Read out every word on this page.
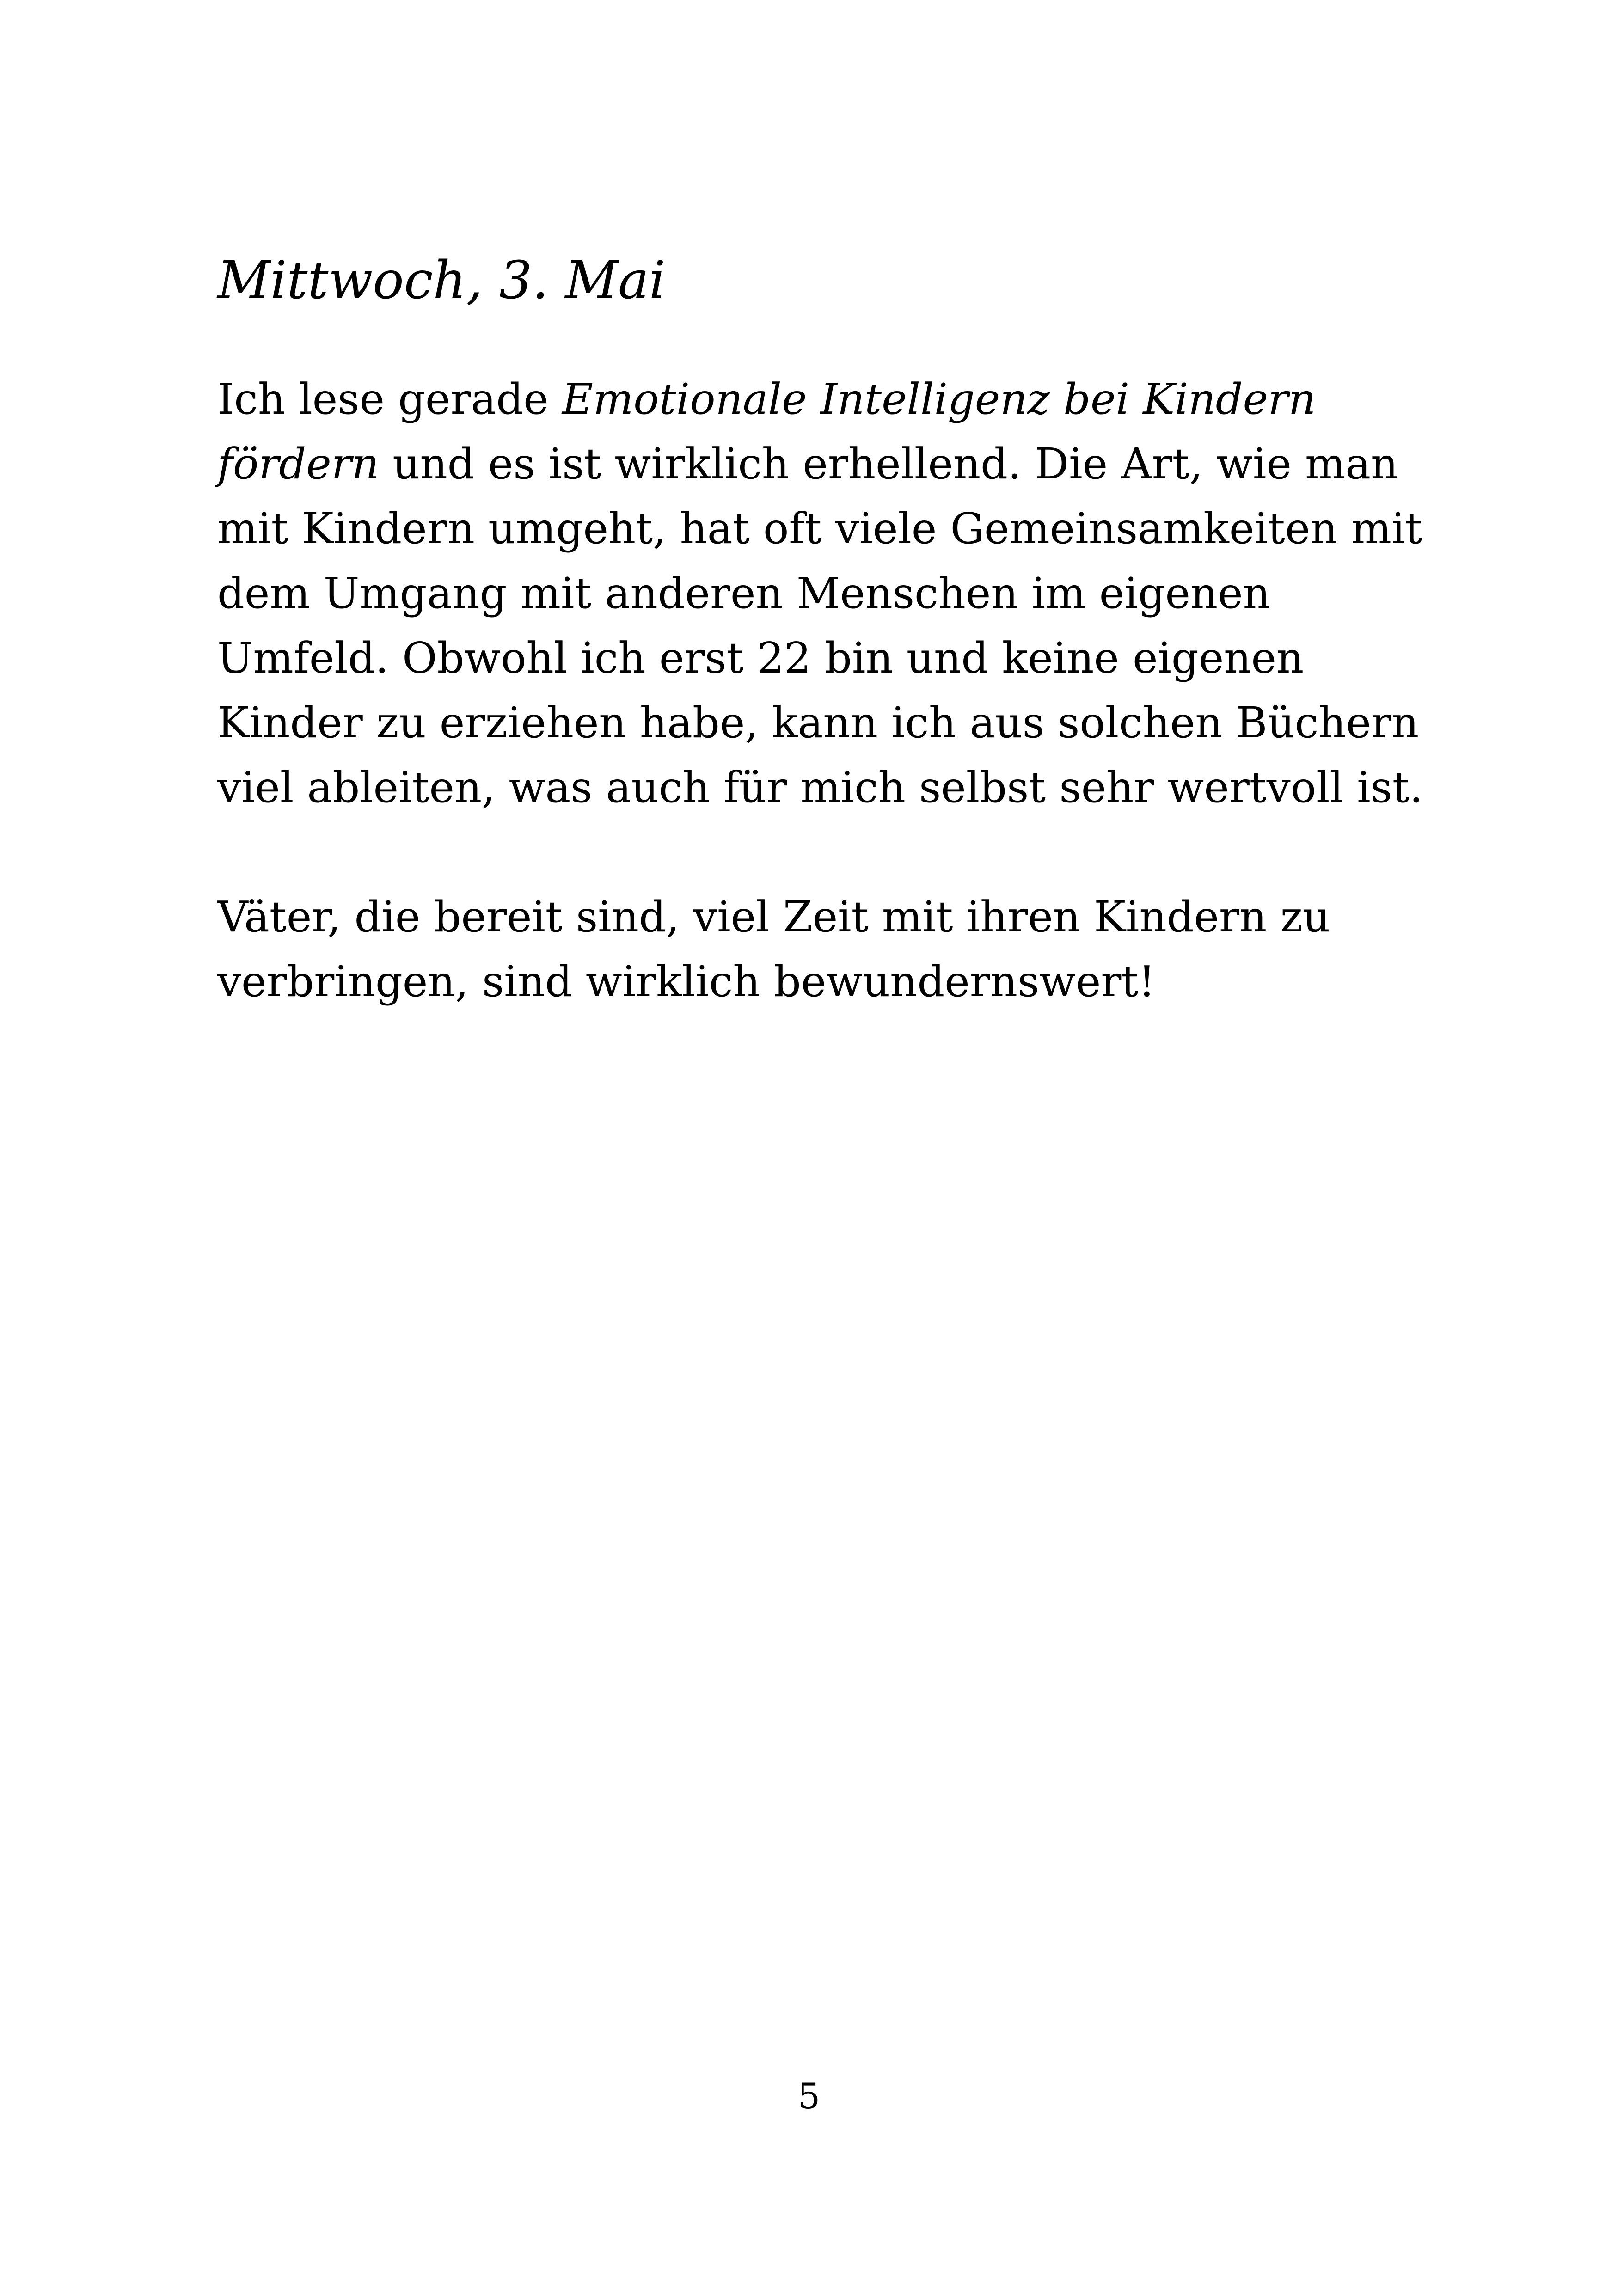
Mittwoch, 3. Mai

Ich lese gerade Emotionale Intelligenz bei Kindern fördern und es ist wirklich erhellend. Die Art, wie man mit Kindern umgeht, hat oft viele Gemeinsamkeiten mit dem Umgang mit anderen Menschen im eigenen Umfeld. Obwohl ich erst 22 bin und keine eigenen Kinder zu erziehen habe, kann ich aus solchen Büchern viel ableiten, was auch für mich selbst sehr wertvoll ist.

Väter, die bereit sind, viel Zeit mit ihren Kindern zu verbringen, sind wirklich bewundernswert!

5
